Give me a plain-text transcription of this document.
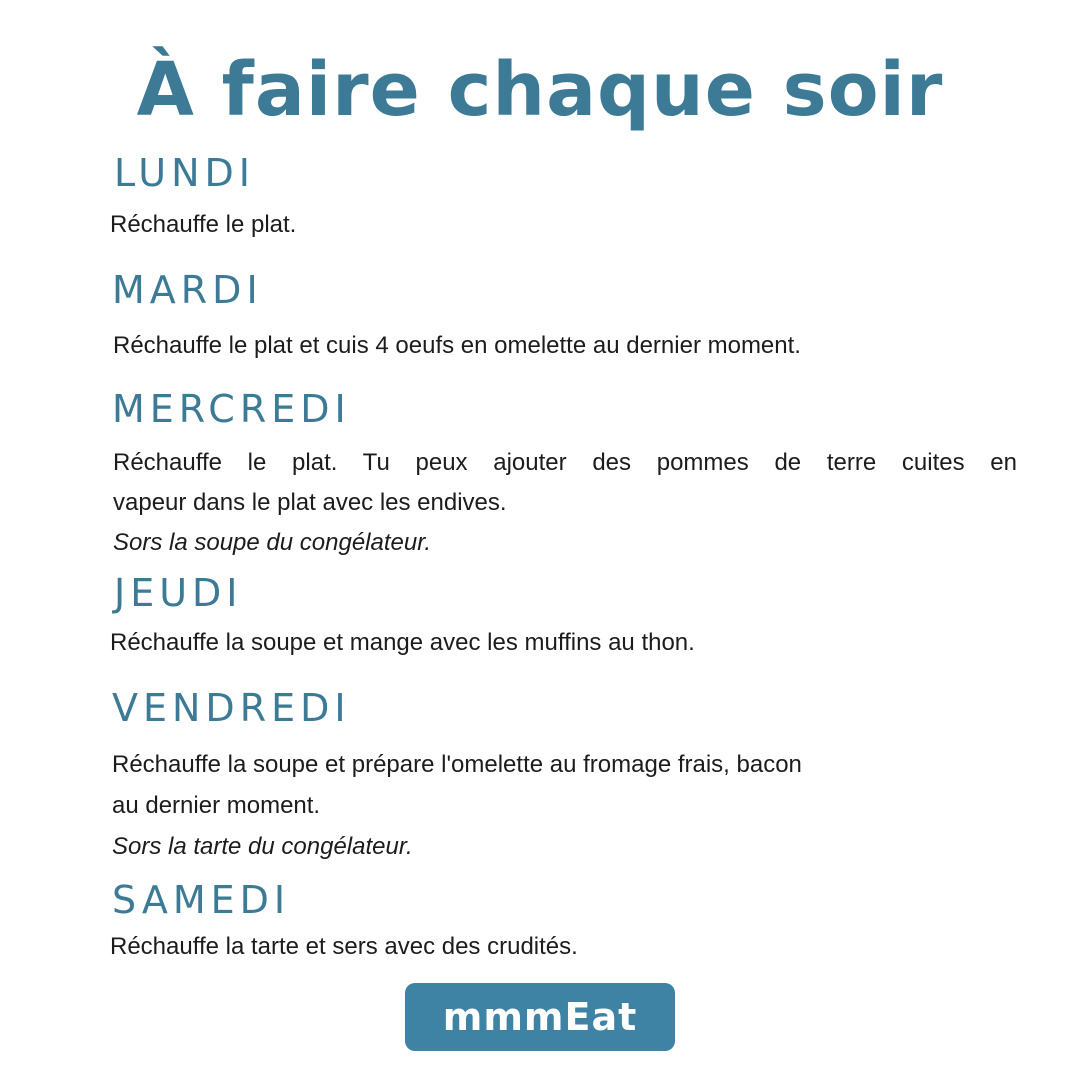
À faire chaque soir
LUNDI
Réchauffe le plat.
MARDI
Réchauffe le plat et cuis 4 oeufs en omelette au dernier moment.
MERCREDI
Réchauffe le plat. Tu peux ajouter des pommes de terre cuites en
vapeur dans le plat avec les endives.
Sors la soupe du congélateur.
JEUDI
Réchauffe la soupe et mange avec les muffins au thon.
VENDREDI
Réchauffe la soupe et prépare l'omelette au fromage frais, bacon
au dernier moment.
Sors la tarte du congélateur.
SAMEDI
Réchauffe la tarte et sers avec des crudités.
mmmEat
